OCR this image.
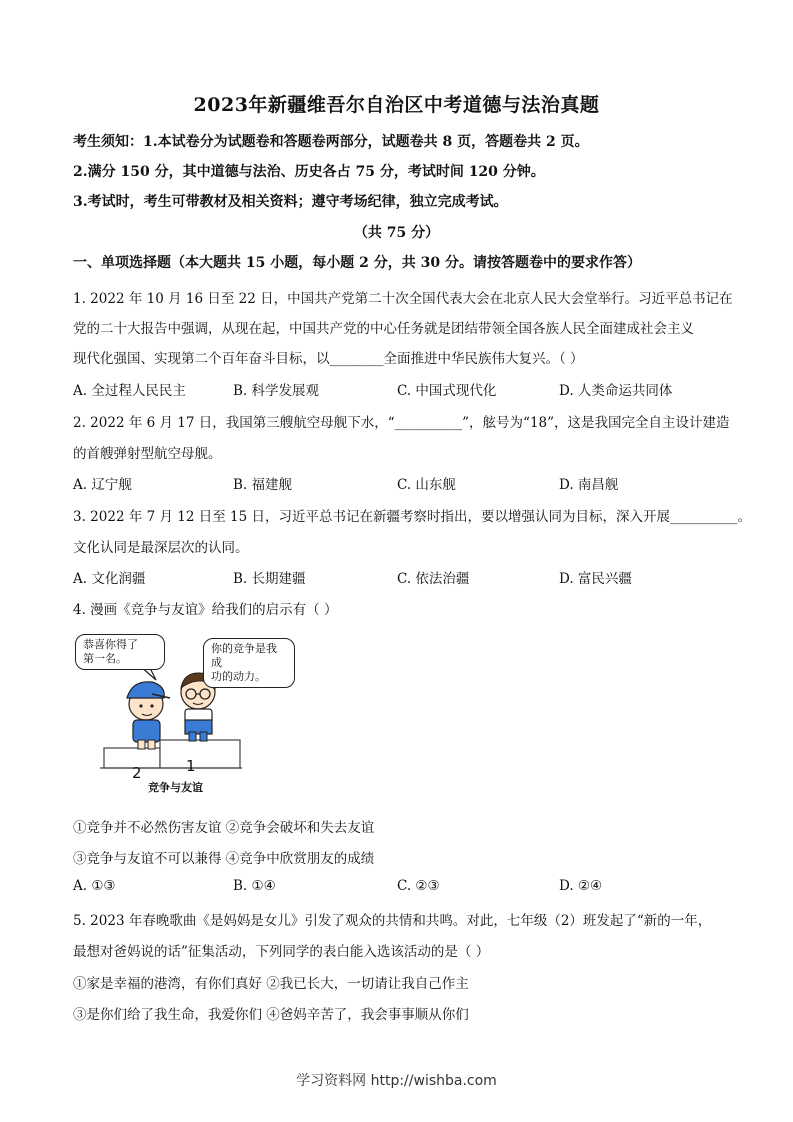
2023年新疆维吾尔自治区中考道德与法治真题
考生须知：1.本试卷分为试题卷和答题卷两部分，试题卷共 8 页，答题卷共 2 页。
2.满分 150 分，其中道德与法治、历史各占 75 分，考试时间 120 分钟。
3.考试时，考生可带教材及相关资料；遵守考场纪律，独立完成考试。
（共 75 分）
一、单项选择题（本大题共 15 小题，每小题 2 分，共 30 分。请按答题卷中的要求作答）
1. 2022 年 10 月 16 日至 22 日，中国共产党第二十次全国代表大会在北京人民大会堂举行。习近平总书记在
党的二十大报告中强调，从现在起，中国共产党的中心任务就是团结带领全国各族人民全面建成社会主义
现代化强国、实现第二个百年奋斗目标，以________全面推进中华民族伟大复兴。（ ）
A. 全过程人民民主	B. 科学发展观	C. 中国式现代化	D. 人类命运共同体
2. 2022 年 6 月 17 日，我国第三艘航空母舰下水，“__________”，舷号为“18”，这是我国完全自主设计建造
的首艘弹射型航空母舰。
A. 辽宁舰	B. 福建舰	C. 山东舰	D. 南昌舰
3. 2022 年 7 月 12 日至 15 日，习近平总书记在新疆考察时指出，要以增强认同为目标，深入开展__________。
文化认同是最深层次的认同。
A. 文化润疆	B. 长期建疆	C. 依法治疆	D. 富民兴疆
4. 漫画《竞争与友谊》给我们的启示有（ ）
恭喜你得了
第一名。
你的竞争是我成
功的动力。
2	1
竞争与友谊
①竞争并不必然伤害友谊 ②竞争会破坏和失去友谊
③竞争与友谊不可以兼得 ④竞争中欣赏朋友的成绩
A. ①③	B. ①④	C. ②③	D. ②④
5. 2023 年春晚歌曲《是妈妈是女儿》引发了观众的共情和共鸣。对此，七年级（2）班发起了“新的一年，
最想对爸妈说的话”征集活动，下列同学的表白能入选该活动的是（ ）
①家是幸福的港湾，有你们真好 ②我已长大，一切请让我自己作主
③是你们给了我生命，我爱你们 ④爸妈辛苦了，我会事事顺从你们
学习资料网 http://wishba.com
